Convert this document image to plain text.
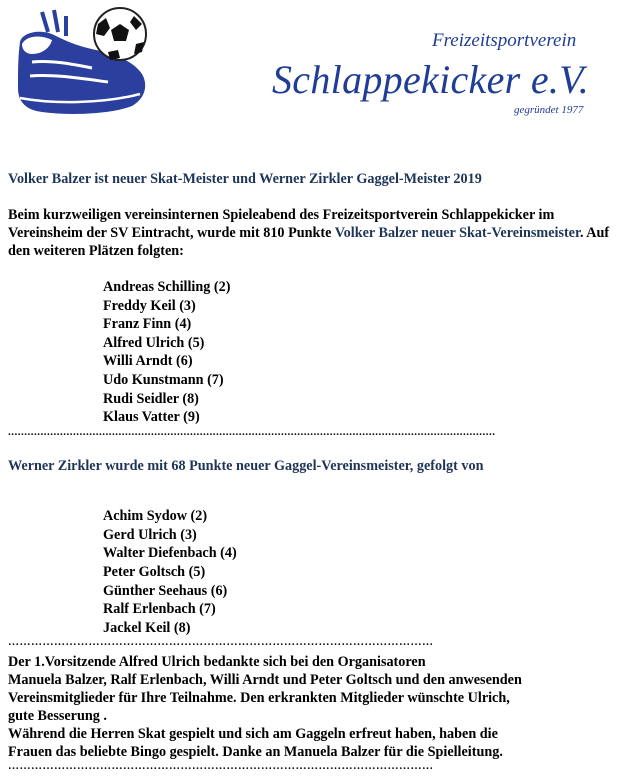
Freizeitsportverein
Schlappekicker e.V.
gegründet 1977

Volker Balzer ist neuer Skat-Meister und Werner Zirkler Gaggel-Meister 2019

Beim kurzweiligen vereinsinternen Spieleabend des Freizeitsportverein Schlappekicker im Vereinsheim der SV Eintracht, wurde mit 810 Punkte Volker Balzer neuer Skat-Vereinsmeister. Auf den weiteren Plätzen folgten:

Andreas Schilling (2)
Freddy Keil (3)
Franz Finn (4)
Alfred Ulrich (5)
Willi Arndt (6)
Udo Kunstmann (7)
Rudi Seidler (8)
Klaus Vatter (9)
......................................................................................................................................................

Werner Zirkler wurde mit 68 Punkte neuer Gaggel-Vereinsmeister, gefolgt von

Achim Sydow (2)
Gerd Ulrich (3)
Walter Diefenbach (4)
Peter Goltsch (5)
Günther Seehaus (6)
Ralf Erlenbach (7)
Jackel Keil (8)
…………………………………………………………………………………………………
Der 1.Vorsitzende Alfred Ulrich bedankte sich bei den Organisatoren
Manuela Balzer, Ralf Erlenbach, Willi Arndt und Peter Goltsch und den anwesenden
Vereinsmitglieder für Ihre Teilnahme. Den erkrankten Mitglieder wünschte Ulrich,
gute Besserung .
Während die Herren Skat gespielt und sich am Gaggeln erfreut haben, haben die
Frauen das beliebte Bingo gespielt. Danke an Manuela Balzer für die Spielleitung.
…………………………………………………………………………………………………
